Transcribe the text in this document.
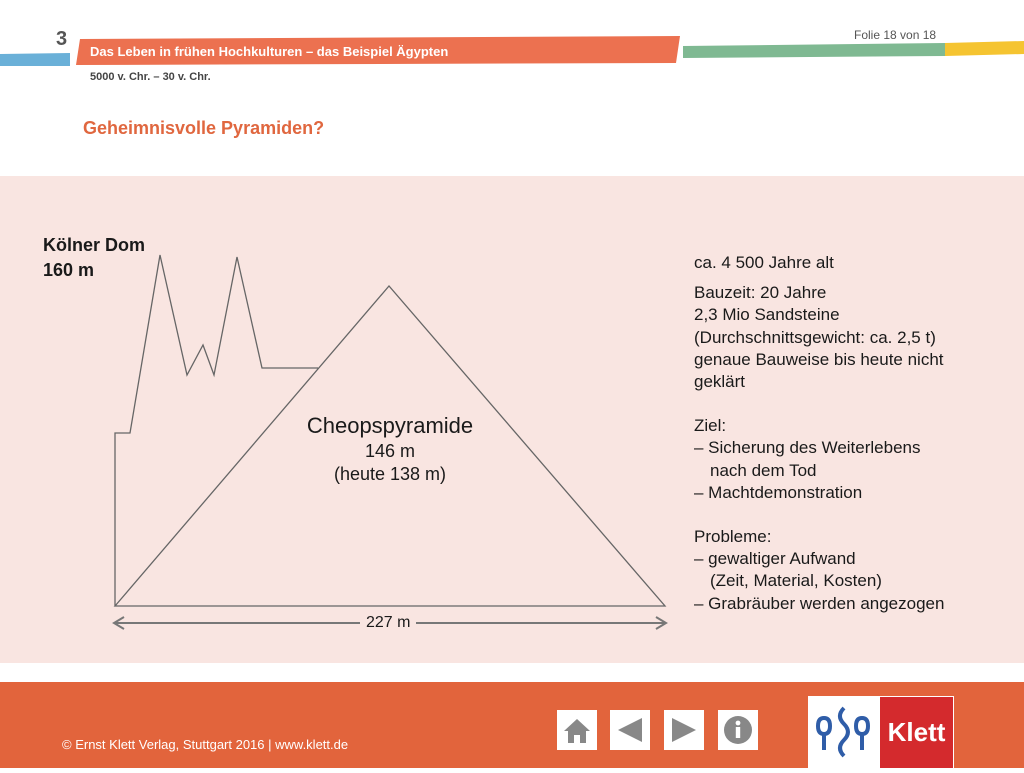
3	Folie 18 von 18
Das Leben in frühen Hochkulturen – das Beispiel Ägypten
5000 v. Chr. – 30 v. Chr.
Geheimnisvolle Pyramiden?
Kölner Dom
160 m
Cheopspyramide
146 m
(heute 138 m)
227 m

ca. 4 500 Jahre alt

Bauzeit: 20 Jahre

2,3 Mio Sandsteine

(Durchschnittsgewicht: ca. 2,5 t)

genaue Bauweise bis heute nicht

geklärt

Ziel:

– Sicherung des Weiterlebens

nach dem Tod

– Machtdemonstration

Probleme:

– gewaltiger Aufwand

(Zeit, Material, Kosten)

– Grabräuber werden angezogen

© Ernst Klett Verlag, Stuttgart 2016 | www.klett.de	Klett
